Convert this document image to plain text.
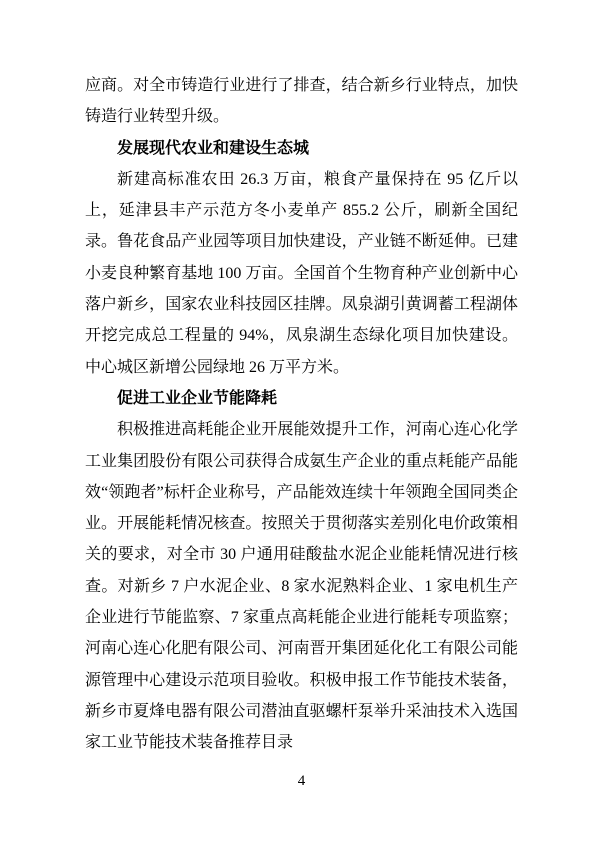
应商。对全市铸造行业进行了排查，结合新乡行业特点，加快铸造行业转型升级。

发展现代农业和建设生态城

新建高标准农田 26.3 万亩，粮食产量保持在 95 亿斤以上，延津县丰产示范方冬小麦单产 855.2 公斤，刷新全国纪录。鲁花食品产业园等项目加快建设，产业链不断延伸。已建小麦良种繁育基地 100 万亩。全国首个生物育种产业创新中心落户新乡，国家农业科技园区挂牌。凤泉湖引黄调蓄工程湖体开挖完成总工程量的 94%，凤泉湖生态绿化项目加快建设。中心城区新增公园绿地 26 万平方米。

促进工业企业节能降耗

积极推进高耗能企业开展能效提升工作，河南心连心化学工业集团股份有限公司获得合成氨生产企业的重点耗能产品能效“领跑者”标杆企业称号，产品能效连续十年领跑全国同类企业。开展能耗情况核查。按照关于贯彻落实差别化电价政策相关的要求，对全市 30 户通用硅酸盐水泥企业能耗情况进行核查。对新乡 7 户水泥企业、8 家水泥熟料企业、1 家电机生产企业进行节能监察、7 家重点高耗能企业进行能耗专项监察；河南心连心化肥有限公司、河南晋开集团延化化工有限公司能源管理中心建设示范项目验收。积极申报工作节能技术装备，新乡市夏烽电器有限公司潜油直驱螺杆泵举升采油技术入选国家工业节能技术装备推荐目录

4
